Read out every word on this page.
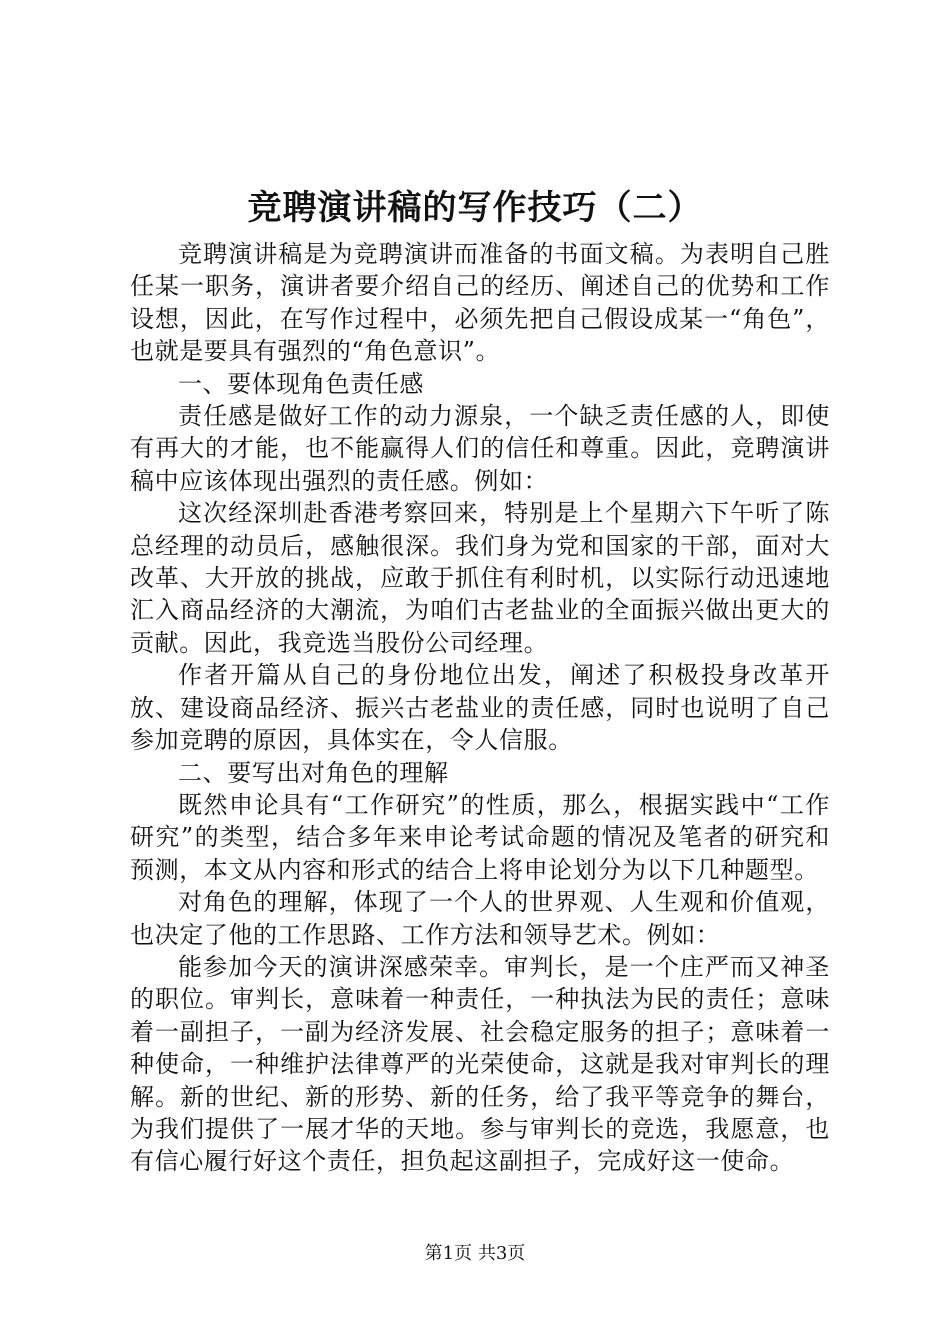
竞聘演讲稿的写作技巧（二）

竞聘演讲稿是为竞聘演讲而准备的书面文稿。为表明自己胜任某一职务，演讲者要介绍自己的经历、阐述自己的优势和工作设想，因此，在写作过程中，必须先把自己假设成某一“角色”，也就是要具有强烈的“角色意识”。

一、要体现角色责任感

责任感是做好工作的动力源泉，一个缺乏责任感的人，即使有再大的才能，也不能赢得人们的信任和尊重。因此，竞聘演讲稿中应该体现出强烈的责任感。例如：

这次经深圳赴香港考察回来，特别是上个星期六下午听了陈总经理的动员后，感触很深。我们身为党和国家的干部，面对大改革、大开放的挑战，应敢于抓住有利时机，以实际行动迅速地汇入商品经济的大潮流，为咱们古老盐业的全面振兴做出更大的贡献。因此，我竞选当股份公司经理。

作者开篇从自己的身份地位出发，阐述了积极投身改革开放、建设商品经济、振兴古老盐业的责任感，同时也说明了自己参加竞聘的原因，具体实在，令人信服。

二、要写出对角色的理解

既然申论具有“工作研究”的性质，那么，根据实践中“工作研究”的类型，结合多年来申论考试命题的情况及笔者的研究和预测，本文从内容和形式的结合上将申论划分为以下几种题型。

对角色的理解，体现了一个人的世界观、人生观和价值观，也决定了他的工作思路、工作方法和领导艺术。例如：

能参加今天的演讲深感荣幸。审判长，是一个庄严而又神圣的职位。审判长，意味着一种责任，一种执法为民的责任；意味着一副担子，一副为经济发展、社会稳定服务的担子；意味着一种使命，一种维护法律尊严的光荣使命，这就是我对审判长的理解。新的世纪、新的形势、新的任务，给了我平等竞争的舞台，为我们提供了一展才华的天地。参与审判长的竞选，我愿意，也有信心履行好这个责任，担负起这副担子，完成好这一使命。

第1页 共3页
